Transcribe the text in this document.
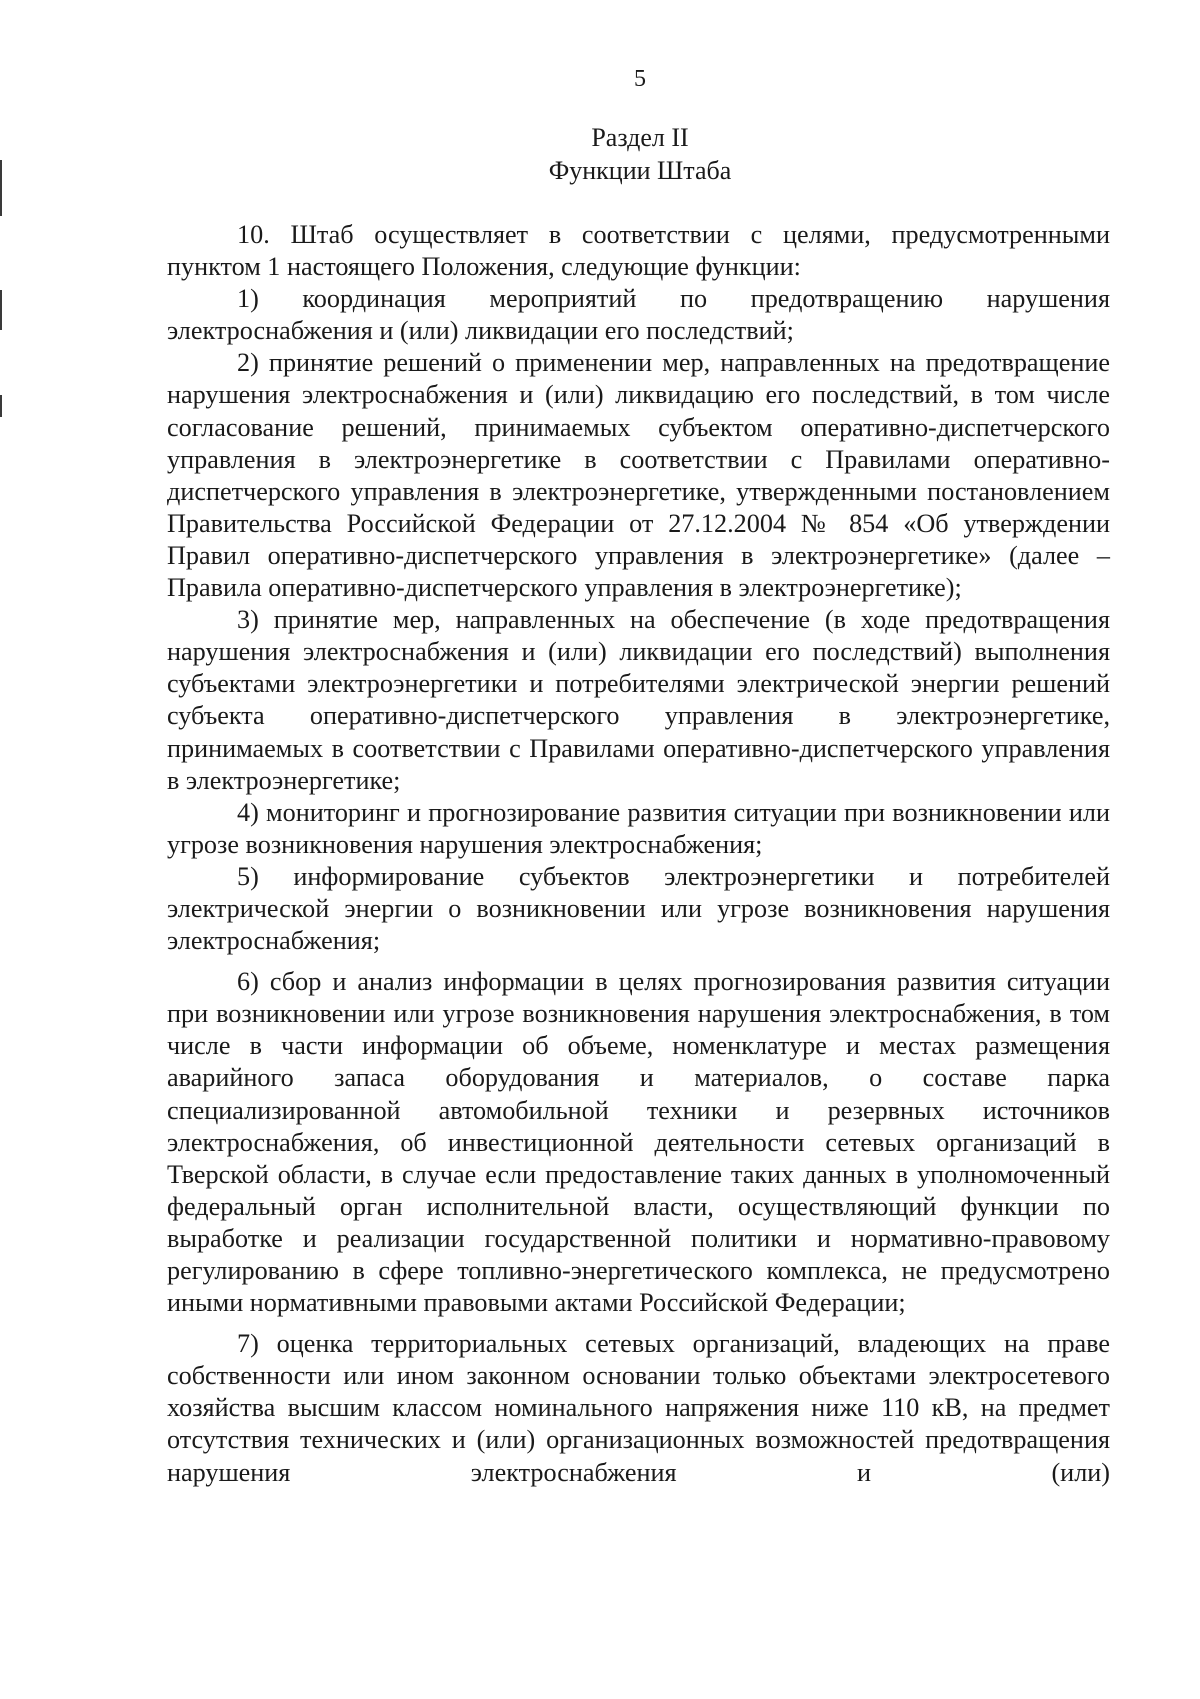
5
Раздел II
Функции Штаба

10. Штаб осуществляет в соответствии с целями, предусмотренными пунктом 1 настоящего Положения, следующие функции:

1) координация мероприятий по предотвращению нарушения электроснабжения и (или) ликвидации его последствий;

2) принятие решений о применении мер, направленных на предотвращение нарушения электроснабжения и (или) ликвидацию его последствий, в том числе согласование решений, принимаемых субъектом оперативно-диспетчерского управления в электроэнергетике в соответствии с Правилами оперативно-диспетчерского управления в электроэнергетике, утвержденными постановлением Правительства Российской Федерации от 27.12.2004 № 854 «Об утверждении Правил оперативно-диспетчерского управления в электроэнергетике» (далее – Правила оперативно-диспетчерского управления в электроэнергетике);

3) принятие мер, направленных на обеспечение (в ходе предотвращения нарушения электроснабжения и (или) ликвидации его последствий) выполнения субъектами электроэнергетики и потребителями электрической энергии решений субъекта оперативно-диспетчерского управления в электроэнергетике, принимаемых в соответствии с Правилами оперативно-диспетчерского управления в электроэнергетике;

4) мониторинг и прогнозирование развития ситуации при возникновении или угрозе возникновения нарушения электроснабжения;

5) информирование субъектов электроэнергетики и потребителей электрической энергии о возникновении или угрозе возникновения нарушения электроснабжения;

6) сбор и анализ информации в целях прогнозирования развития ситуации при возникновении или угрозе возникновения нарушения электроснабжения, в том числе в части информации об объеме, номенклатуре и местах размещения аварийного запаса оборудования и материалов, о составе парка специализированной автомобильной техники и резервных источников электроснабжения, об инвестиционной деятельности сетевых организаций в Тверской области, в случае если предоставление таких данных в уполномоченный федеральный орган исполнительной власти, осуществляющий функции по выработке и реализации государственной политики и нормативно-правовому регулированию в сфере топливно-энергетического комплекса, не предусмотрено иными нормативными правовыми актами Российской Федерации;

7) оценка территориальных сетевых организаций, владеющих на праве собственности или ином законном основании только объектами электросетевого хозяйства высшим классом номинального напряжения ниже 110 кВ, на предмет отсутствия технических и (или) организационных возможностей предотвращения нарушения электроснабжения и (или)
